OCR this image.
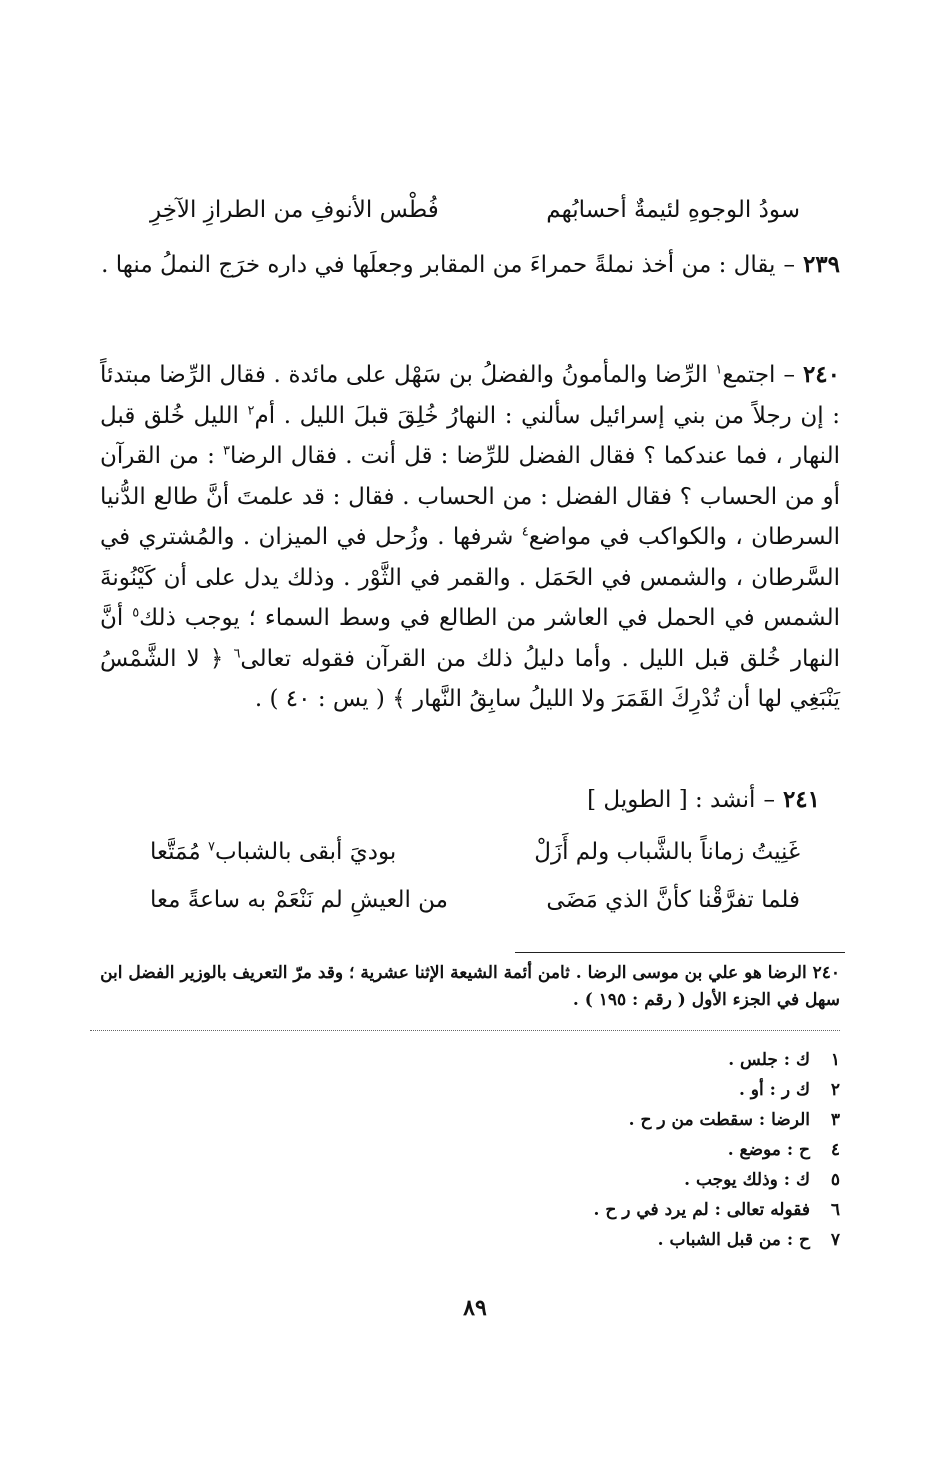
سودُ الوجوهِ لئيمةٌ أحسابُهم
فُطْس الأنوفِ من الطرازِ الآخِرِ

٢٣٩–يقال : من أخذ نملةً حمراءَ من المقابر وجعلَها في داره خرَج النملُ منها .

٢٤٠–اجتمع$^١$ الرِّضا والمأمونُ والفضلُ بن سَهْل على مائدة . فقال الرِّضا مبتدئاً : إن رجلاً من بني إسرائيل سألني : النهارُ خُلِقَ قبلَ الليل . أم$^٢$ الليل خُلق قبل النهار ، فما عندكما ؟ فقال الفضل للرِّضا : قل أنت . فقال الرضا$^٣$ : من القرآن أو من الحساب ؟ فقال الفضل : من الحساب . فقال : قد علمتَ أنَّ طالع الدُّنيا السرطان ، والكواكب في مواضع$^٤$ شرفها . وزُحل في الميزان . والمُشتري في السَّرطان ، والشمس في الحَمَل . والقمر في الثَّوْر . وذلك يدل على أن كَيْنُونةَ الشمس في الحمل في العاشر من الطالع في وسط السماء ؛ يوجب ذلك$^٥$ أنَّ النهار خُلق قبل الليل . وأما دليلُ ذلك من القرآن فقوله تعالى$^٦$ ﴿ لا الشَّمْسُ يَنْبَغِي لها أن تُدْرِكَ القَمَرَ ولا الليلُ سابِقُ النَّهار ﴾ ( يس : ٤٠ ) .

٢٤١–أنشد : [ الطويل ]

غَنِيتُ زماناً بالشَّباب ولم أَزَلْ
بوديَ أبقى بالشباب$^٧$ مُمَتَّعا
فلما تفرَّقْنا كأنَّ الذي مَضَى
من العيشِ لم نَنْعَمْ به ساعةً معا

٢٤٠ الرضا هو علي بن موسى الرضا . ثامن أئمة الشيعة الإثنا عشرية ؛ وقد مرّ التعريف بالوزير الفضل ابن سهل في الجزء الأول ( رقم : ١٩٥ ) .

١
ك : جلس .
٢
ك ر : أو .
٣
الرضا : سقطت من ر ح .
٤
ح : موضع .
٥
ك : وذلك يوجب .
٦
فقوله تعالى : لم يرد في ر ح .
٧
ح : من قبل الشباب .
٨٩
